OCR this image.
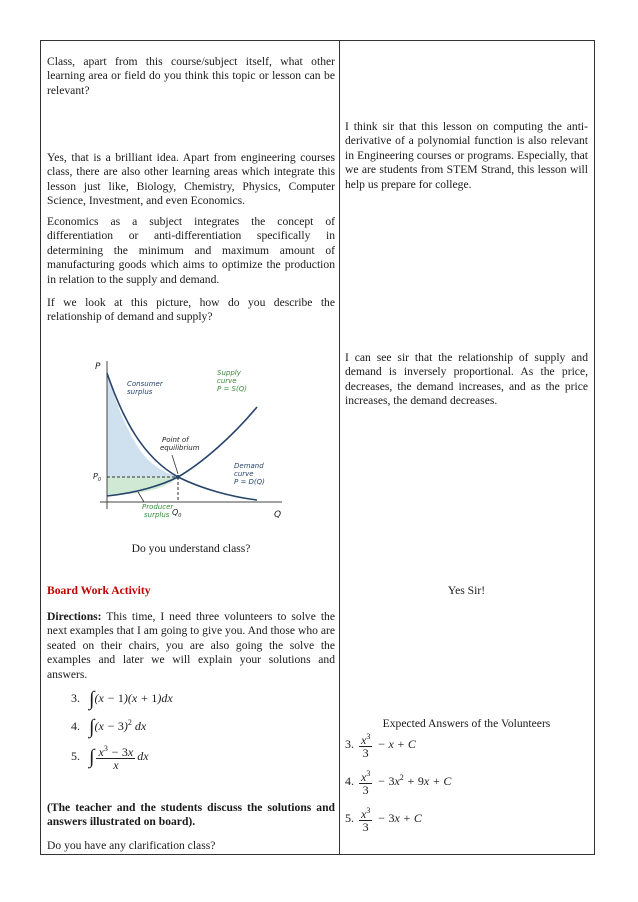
Class, apart from this course/subject itself, what other learning area or field do you think this topic or lesson can be relevant?

Yes, that is a brilliant idea. Apart from engineering courses class, there are also other learning areas which integrate this lesson just like, Biology, Chemistry, Physics, Computer Science, Investment, and even Economics.

Economics as a subject integrates the concept of differentiation or anti-differentiation specifically in determining the minimum and maximum amount of manufacturing goods which aims to optimize the production in relation to the supply and demand.

If we look at this picture, how do you describe the relationship of demand and supply?

P
Q
$P_0$
$Q_0$
Consumer
surplus
Point of
equilibrium
Supply
curve
P = S(Q)
Demand
curve
P = D(Q)
Producer
surplus

Do you understand class?

Board Work Activity

Directions: This time, I need three volunteers to solve the next examples that I am going to give you. And those who are seated on their chairs, you are also going the solve the examples and later we will explain your solutions and answers.

3. ∫(x − 1)(x + 1)dx
4. $\int(x - 3)^2$ dx
5. ∫ $\frac{x^3 - 3x}{x}$ dx

(The teacher and the students discuss the solutions and answers illustrated on board).

Do you have any clarification class?

I think sir that this lesson on computing the anti-derivative of a polynomial function is also relevant in Engineering courses or programs. Especially, that we are students from STEM Strand, this lesson will help us prepare for college.

I can see sir that the relationship of supply and demand is inversely proportional. As the price, decreases, the demand increases, and as the price increases, the demand decreases.

Yes Sir!

Expected Answers of the Volunteers

3. $\frac{x^3}{3} - x + C$
4. $\frac{x^3}{3} - 3x^2 + 9x + C$
5. $\frac{x^3}{3} - 3x + C$
